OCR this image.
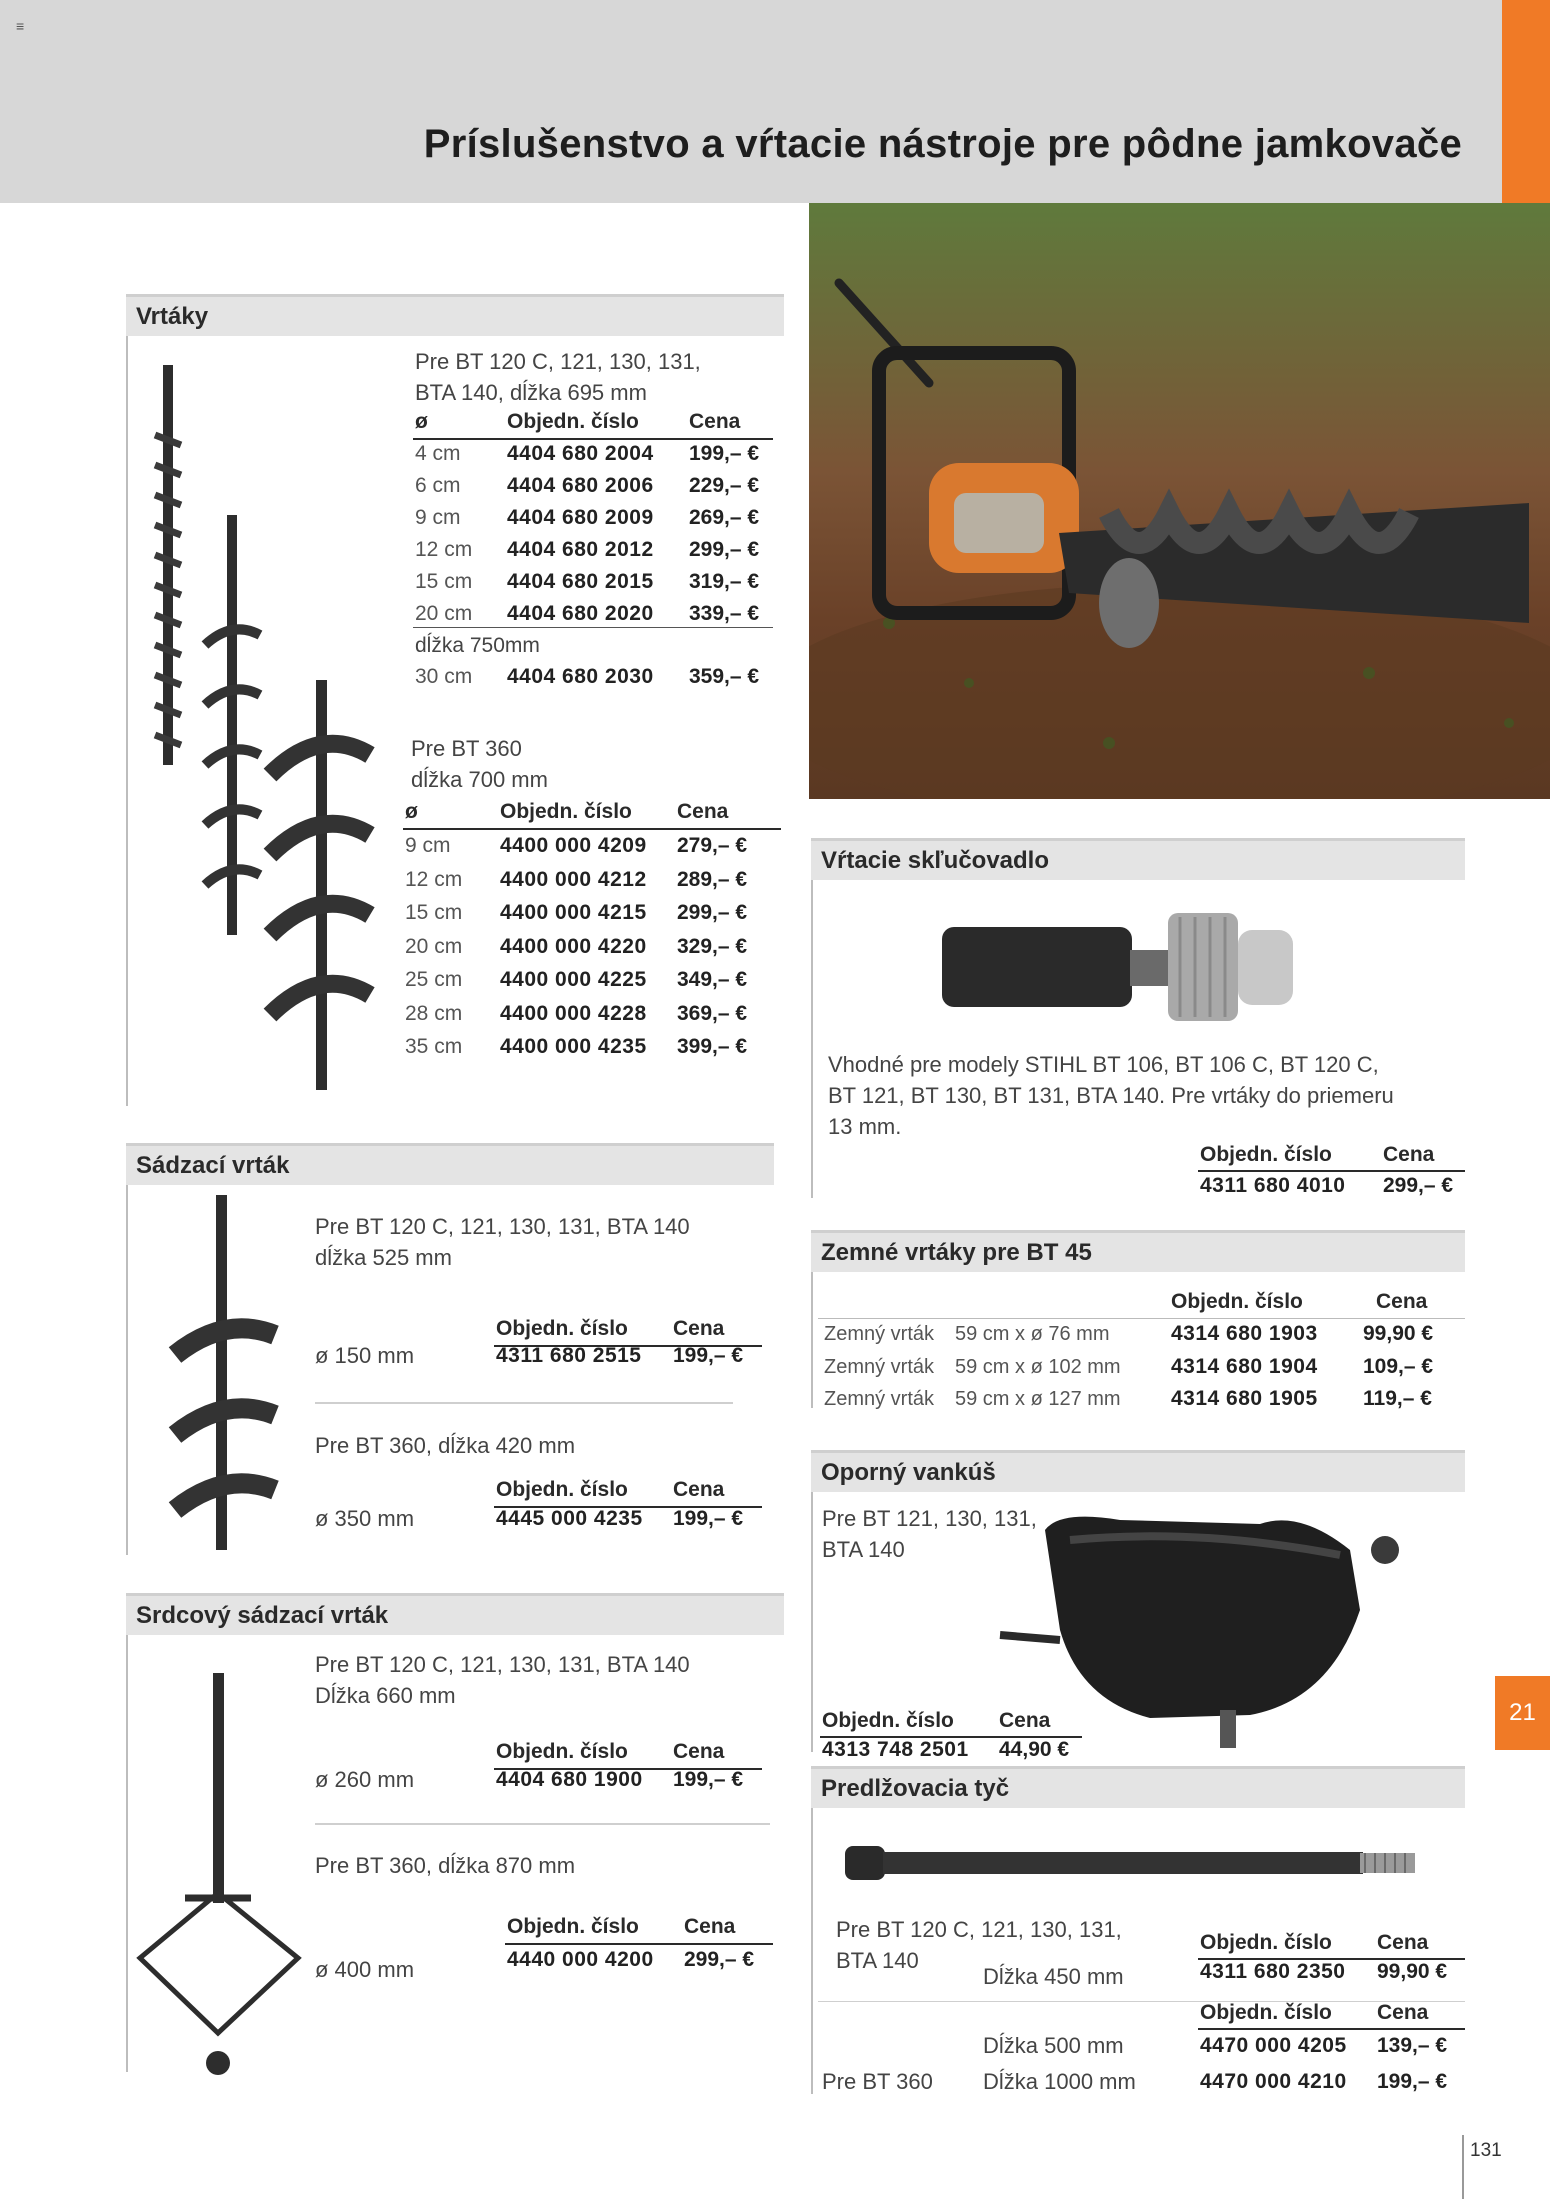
≡
Príslušenstvo a vŕtacie nástroje pre pôdne jamkovače
Vrtáky
Pre BT 120 C, 121, 130, 131,
BTA 140, dĺžka 695 mm
ø	Objedn. číslo Cena
4 cm 4404 680 2004 199,– €
6 cm 4404 680 2006 229,– €
9 cm 4404 680 2009 269,– €
12 cm 4404 680 2012 299,– €
15 cm 4404 680 2015 319,– €
20 cm 4404 680 2020 339,– €
dĺžka 750mm
30 cm 4404 680 2030 359,– €
Pre BT 360
dĺžka 700 mm
ø	Objedn. číslo Cena
9 cm 4400 000 4209 279,– €
12 cm 4400 000 4212 289,– €
15 cm 4400 000 4215 299,– €
20 cm 4400 000 4220 329,– €
25 cm 4400 000 4225 349,– €
28 cm 4400 000 4228 369,– €
35 cm 4400 000 4235 399,– €
Sádzací vrták
Pre BT 120 C, 121, 130, 131, BTA 140
dĺžka 525 mm
Objedn. číslo Cena
ø 150 mm	4311 680 2515 199,– €
Pre BT 360, dĺžka 420 mm
Objedn. číslo Cena
ø 350 mm	4445 000 4235 199,– €
Srdcový sádzací vrták
Pre BT 120 C, 121, 130, 131, BTA 140
Dĺžka 660 mm
Objedn. číslo Cena
ø 260 mm	4404 680 1900 199,– €
Pre BT 360, dĺžka 870 mm
Objedn. číslo Cena
ø 400 mm	4440 000 4200 299,– €
Vŕtacie skľučovadlo
Vhodné pre modely STIHL BT 106, BT 106 C, BT 120 C,
BT 121, BT 130, BT 131, BTA 140. Pre vrtáky do priemeru
13 mm.
Objedn. číslo Cena
4311 680 4010 299,– €
Zemné vrtáky pre BT 45
Objedn. číslo	Cena
Zemný vrták 59 cm x ø 76 mm	4314 680 1903 99,90 €
Zemný vrták 59 cm x ø 102 mm 4314 680 1904 109,– €
Zemný vrták 59 cm x ø 127 mm 4314 680 1905 119,– €
Oporný vankúš
Pre BT 121, 130, 131,
BTA 140
Objedn. číslo Cena
4313 748 2501 44,90 €
Predlžovacia tyč
Pre BT 120 C, 121, 130, 131,
BTA 140
Objedn. číslo Cena
Dĺžka 450 mm	4311 680 2350 99,90 €
Objedn. číslo Cena
Dĺžka 500 mm	4470 000 4205 139,– €
Pre BT 360 Dĺžka 1000 mm	4470 000 4210 199,– €
21
131
